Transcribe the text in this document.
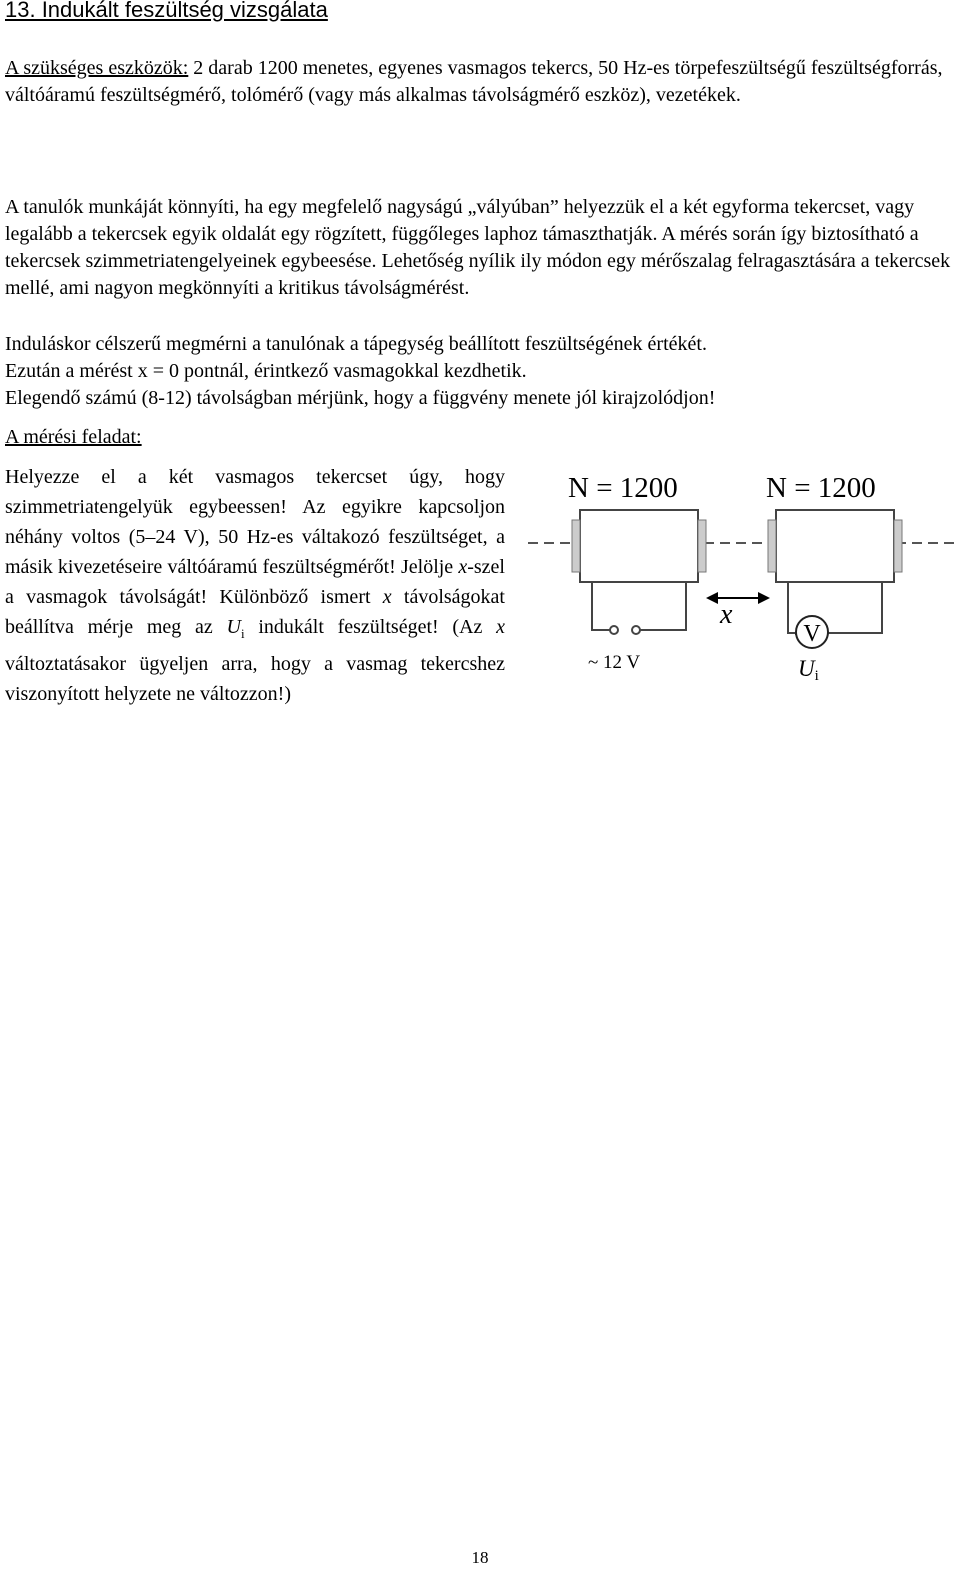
13. Indukált feszültség vizsgálata

A szükséges eszközök: 2 darab 1200 menetes, egyenes vasmagos tekercs, 50 Hz-es törpefeszültségű feszültségforrás, váltóáramú feszültségmérő, tolómérő (vagy más alkalmas távolságmérő eszköz), vezetékek.

A tanulók munkáját könnyíti, ha egy megfelelő nagyságú „vályúban” helyezzük el a két egyforma tekercset, vagy legalább a tekercsek egyik oldalát egy rögzített, függőleges laphoz támaszthatják. A mérés során így biztosítható a tekercsek szimmetriatengelyeinek egybeesése. Lehetőség nyílik ily módon egy mérőszalag felragasztására a tekercsek mellé, ami nagyon megkönnyíti a kritikus távolságmérést.

Induláskor célszerű megmérni a tanulónak a tápegység beállított feszültségének értékét.

Ezután a mérést x = 0 pontnál, érintkező vasmagokkal kezdhetik.

Elegendő számú (8-12) távolságban mérjünk, hogy a függvény menete jól kirajzolódjon!

A mérési feladat:

Helyezze el a két vasmagos tekercset úgy, hogy szimmetriatengelyük egybeessen! Az egyikre kapcsoljon néhány voltos (5–24 V), 50 Hz-es váltakozó feszültséget, a másik kivezetéseire váltóáramú feszültségmérőt! Jelölje x-szel a vasmagok távolságát! Különböző ismert x távolságokat beállítva mérje meg az $U_i$ indukált feszültséget! (Az x változtatásakor ügyeljen arra, hogy a vasmag tekercshez viszonyított helyzete ne változzon!)

N = 1200	N = 1200
~ 12 V
x
V
Ui
18
